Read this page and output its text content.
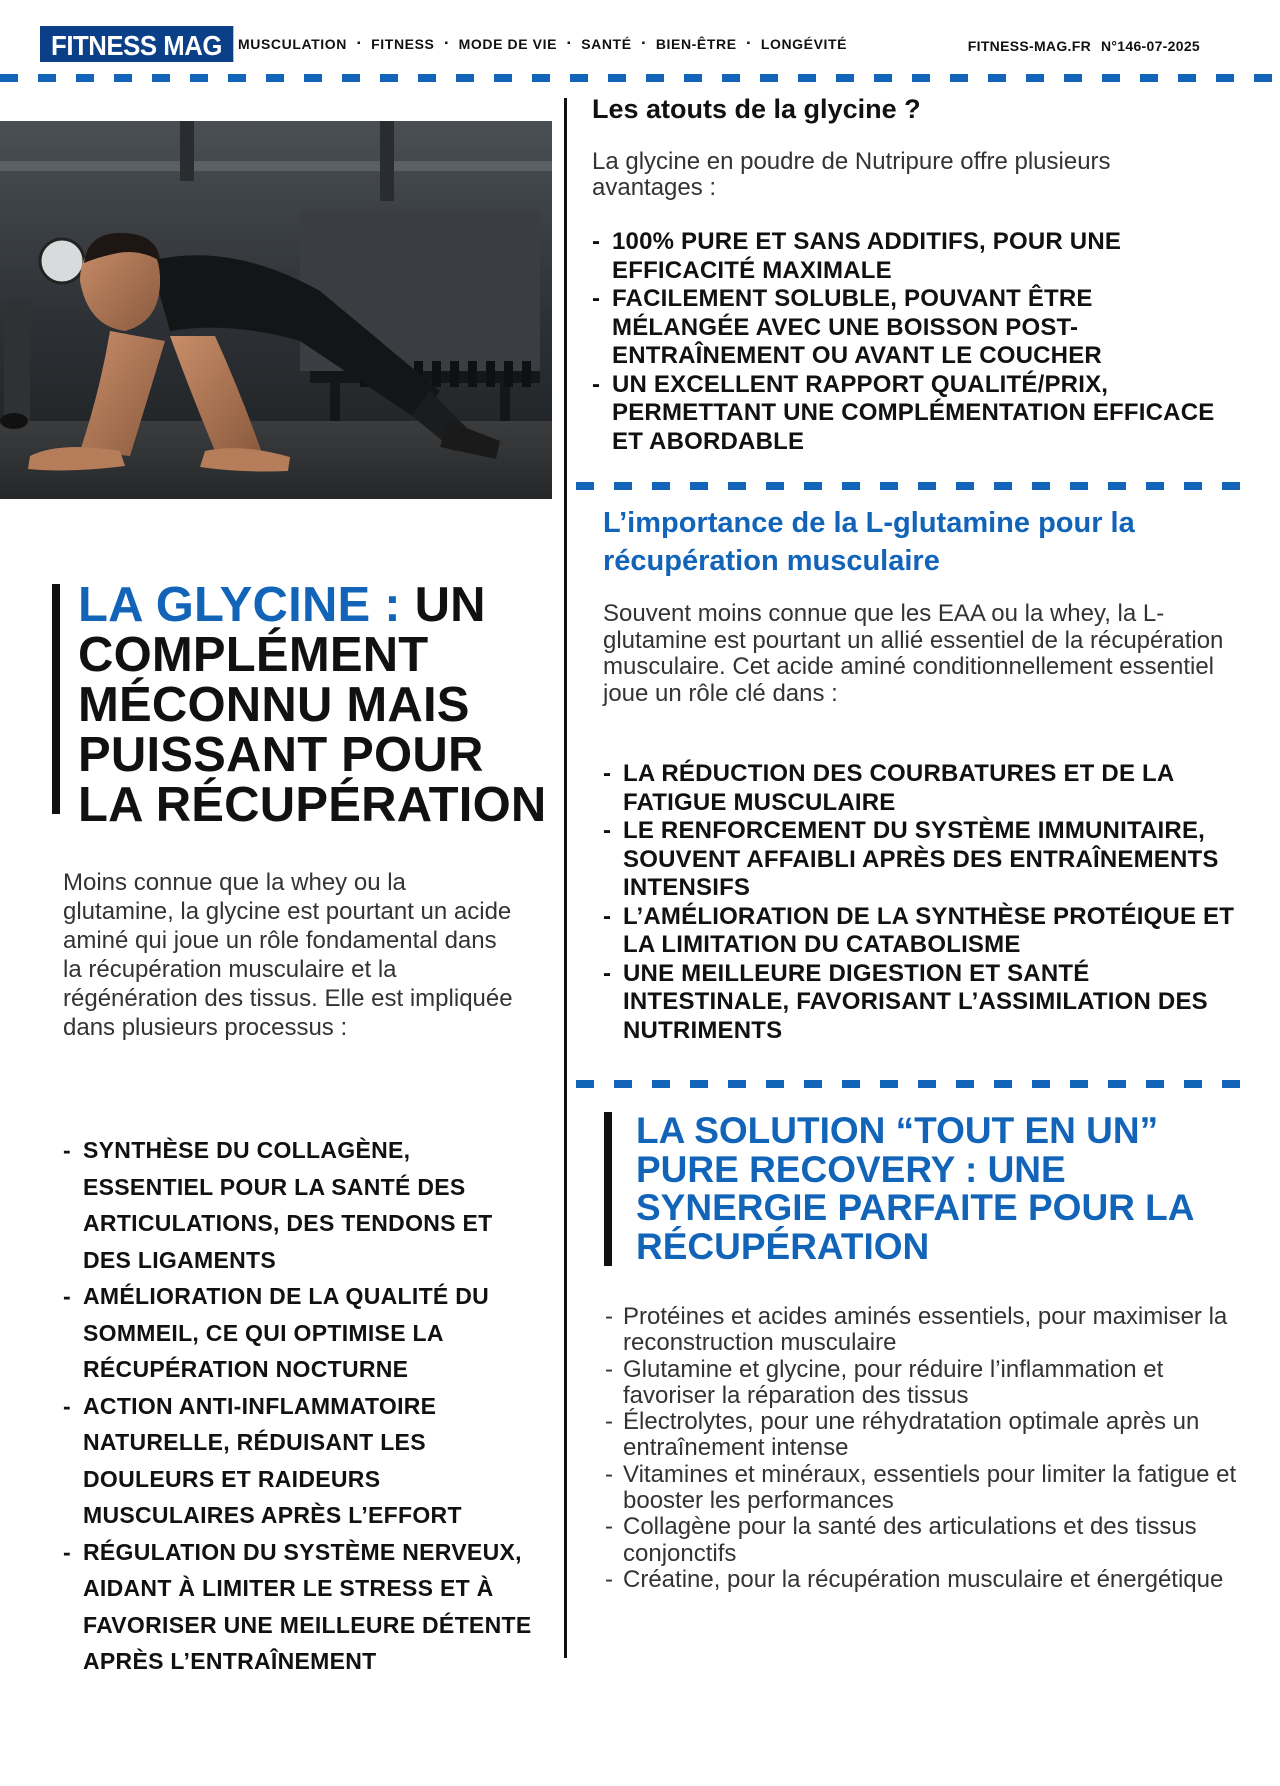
FITNESS MAG	MUSCULATION ▪ FITNESS ▪ MODE DE VIE ▪ SANTÉ ▪ BIEN-ÊTRE ▪ LONGÉVITÉ	FITNESS-MAG.FR N°146-07-2025
LA GLYCINE : UN COMPLÉMENT MÉCONNU MAIS PUISSANT POUR LA RÉCUPÉRATION

Moins connue que la whey ou la glutamine, la glycine est pourtant un acide aminé qui joue un rôle fondamental dans la récupération musculaire et la régénération des tissus. Elle est impliquée dans plusieurs processus :

- SYNTHÈSE DU COLLAGÈNE, ESSENTIEL POUR LA SANTÉ DES ARTICULATIONS, DES TENDONS ET DES LIGAMENTS
- AMÉLIORATION DE LA QUALITÉ DU SOMMEIL, CE QUI OPTIMISE LA RÉCUPÉRATION NOCTURNE
- ACTION ANTI-INFLAMMATOIRE NATURELLE, RÉDUISANT LES DOULEURS ET RAIDEURS MUSCULAIRES APRÈS L’EFFORT
- RÉGULATION DU SYSTÈME NERVEUX, AIDANT À LIMITER LE STRESS ET À FAVORISER UNE MEILLEURE DÉTENTE APRÈS L’ENTRAÎNEMENT
Les atouts de la glycine ?

La glycine en poudre de Nutripure offre plusieurs avantages :

- 100% PURE ET SANS ADDITIFS, POUR UNE EFFICACITÉ MAXIMALE
- FACILEMENT SOLUBLE, POUVANT ÊTRE MÉLANGÉE AVEC UNE BOISSON POST-ENTRAÎNEMENT OU AVANT LE COUCHER
- UN EXCELLENT RAPPORT QUALITÉ/PRIX, PERMETTANT UNE COMPLÉMENTATION EFFICACE ET ABORDABLE
L’importance de la L-glutamine pour la récupération musculaire

Souvent moins connue que les EAA ou la whey, la L-glutamine est pourtant un allié essentiel de la récupération musculaire. Cet acide aminé conditionnellement essentiel joue un rôle clé dans :

- LA RÉDUCTION DES COURBATURES ET DE LA FATIGUE MUSCULAIRE
- LE RENFORCEMENT DU SYSTÈME IMMUNITAIRE, SOUVENT AFFAIBLI APRÈS DES ENTRAÎNEMENTS INTENSIFS
- L’AMÉLIORATION DE LA SYNTHÈSE PROTÉIQUE ET LA LIMITATION DU CATABOLISME
- UNE MEILLEURE DIGESTION ET SANTÉ INTESTINALE, FAVORISANT L’ASSIMILATION DES NUTRIMENTS
LA SOLUTION “TOUT EN UN” PURE RECOVERY : UNE SYNERGIE PARFAITE POUR LA RÉCUPÉRATION
- Protéines et acides aminés essentiels, pour maximiser la reconstruction musculaire
- Glutamine et glycine, pour réduire l’inflammation et favoriser la réparation des tissus
- Électrolytes, pour une réhydratation optimale après un entraînement intense
- Vitamines et minéraux, essentiels pour limiter la fatigue et booster les performances
- Collagène pour la santé des articulations et des tissus conjonctifs
- Créatine, pour la récupération musculaire et énergétique
